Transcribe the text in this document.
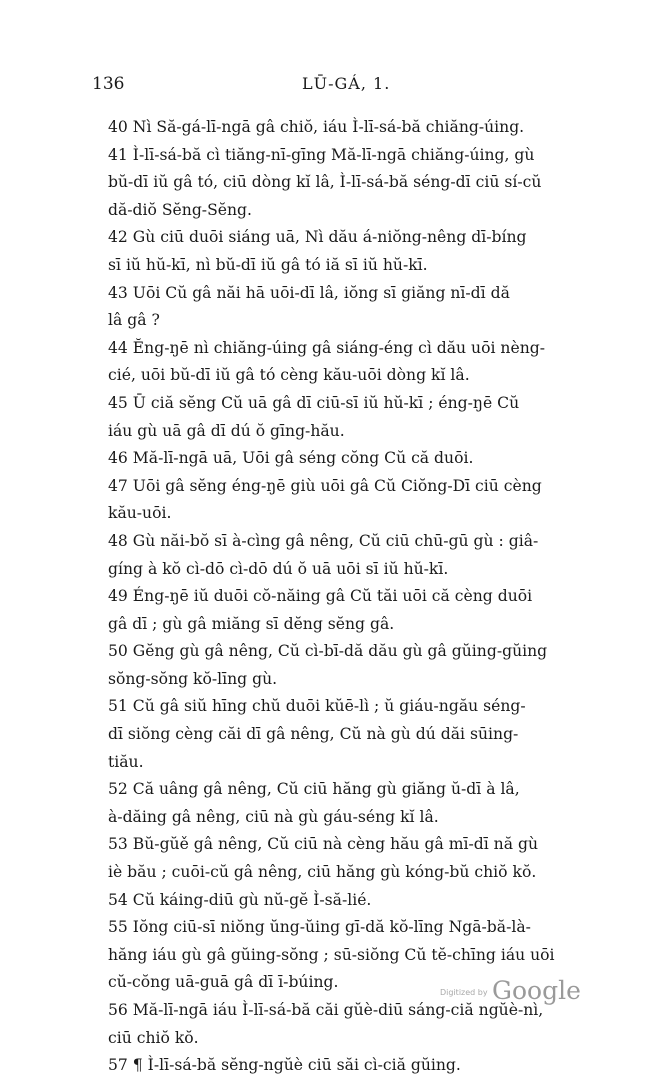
136	LŪ-GÁ, 1.
40 Nì Să-gá-lī-ngā gâ chiŏ, iáu Ì-lī-sá-bă chiăng-úing.
41 Ì-lī-sá-bă cì tiăng-nī-gīng Mă-lī-ngā chiăng-úing, gù
bŭ-dī iŭ gâ tó, ciū dòng kĭ lâ, Ì-lī-sá-bă séng-dī ciū sí-cŭ
dă-diŏ Sĕng-Sĕng.
42 Gù ciū duōi siáng uā, Nì dău á-niŏng-nêng dī-bíng
sī iŭ hŭ-kī, nì bŭ-dī iŭ gâ tó iă sī iŭ hŭ-kī.
43 Uōi Cŭ gâ năi hā uōi-dī lâ, iŏng sī giăng nī-dī dă
lâ gâ ?
44 Ĕng-ŋē nì chiăng-úing gâ siáng-éng cì dău uōi nèng-
cié, uōi bŭ-dī iŭ gâ tó cèng kău-uōi dòng kĭ lâ.
45 Ū ciă sĕng Cŭ uā gâ dī ciū-sī iŭ hŭ-kī ; éng-ŋē Cŭ
iáu gù uā gâ dī dú ŏ gīng-hău.
46 Mă-lī-ngā uā, Uōi gâ séng cŏng Cŭ că duōi.
47 Uōi gâ sĕng éng-ŋē giù uōi gâ Cŭ Ciŏng-Dī ciū cèng
kău-uōi.
48 Gù năi-bŏ sī à-cìng gâ nêng, Cŭ ciū chū-gū gù : giâ-
gíng à kŏ cì-dō cì-dō dú ŏ uā uōi sī iŭ hŭ-kī.
49 Éng-ŋē iŭ duōi cŏ-năing gâ Cŭ tăi uōi că cèng duōi
gâ dī ; gù gâ miăng sī dĕng sĕng gâ.
50 Gĕng gù gâ nêng, Cŭ cì-bī-dă dău gù gâ gŭing-gŭing
sŏng-sŏng kŏ-līng gù.
51 Cŭ gâ siŭ hīng chŭ duōi kŭē-lì ; ŭ giáu-ngău séng-
dī siŏng cèng căi dī gâ nêng, Cŭ nà gù dú dăi sūing-
tiău.
52 Că uâng gâ nêng, Cŭ ciū hăng gù giăng ŭ-dī à lâ,
à-dăing gâ nêng, ciū nà gù gáu-séng kĭ lâ.
53 Bŭ-gŭě gâ nêng, Cŭ ciū nà cèng hău gâ mī-dī nă gù
iè bău ; cuōi-cŭ gâ nêng, ciū hăng gù kóng-bŭ chiŏ kŏ.
54 Cŭ káing-diū gù nŭ-gĕ Ì-să-lié.
55 Iŏng ciū-sī niŏng ŭng-ŭing gī-dă kŏ-līng Ngā-bă-là-
hăng iáu gù gâ gŭing-sŏng ; sū-siŏng Cŭ tĕ-chīng iáu uōi
cŭ-cŏng uā-guā gâ dī ī-búing.
56 Mă-lī-ngā iáu Ì-lī-sá-bă căi gŭè-diū sáng-ciă ngŭè-nì,
ciū chiŏ kŏ.
57 ¶ Ì-lī-sá-bă sĕng-ngŭè ciū săi cì-ciă gŭing.
Digitized by Google
